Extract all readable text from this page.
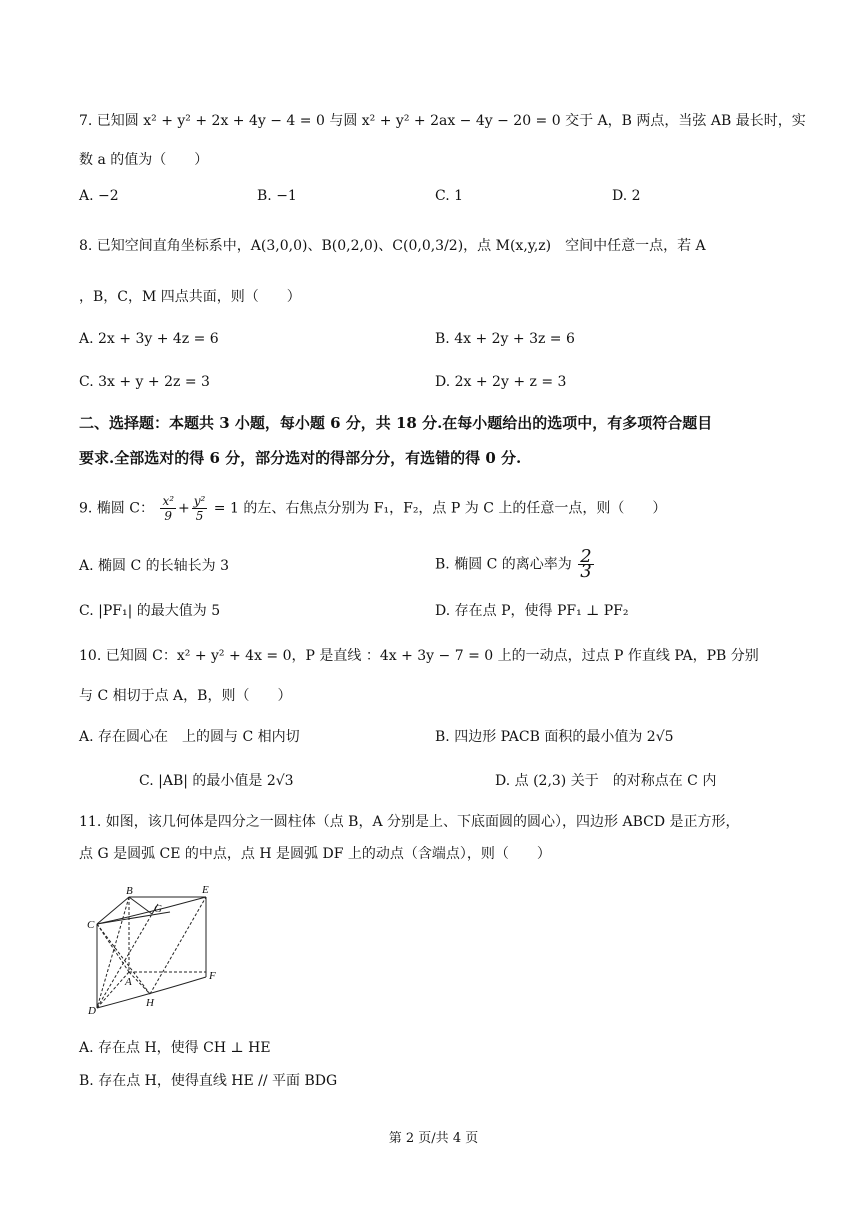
7. 已知圆 x² + y² + 2x + 4y − 4 = 0 与圆 x² + y² + 2ax − 4y − 20 = 0 交于 A，B 两点，当弦 AB 最长时，实
数 a 的值为（　　）
A. −2	B. −1	C. 1	D. 2
8. 已知空间直角坐标系中，A(3,0,0)、B(0,2,0)、C(0,0,3/2)，点 M(x,y,z)　空间中任意一点，若 A
，B，C，M 四点共面，则（　　）
A. 2x + 3y + 4z = 6	B. 4x + 2y + 3z = 6
C. 3x + y + 2z = 3	D. 2x + 2y + z = 3
二、选择题：本题共 3 小题，每小题 6 分，共 18 分.在每小题给出的选项中，有多项符合题目
要求.全部选对的得 6 分，部分选对的得部分分，有选错的得 0 分.
9. 椭圆 C： $\frac{\text{x²}}{9} + \frac{\text{y²}}{5} = 1$ 的左、右焦点分别为 F₁，F₂，点 P 为 C 上的任意一点，则（　　）
A. 椭圆 C 的长轴长为 3	B. 椭圆 C 的离心率为 $\frac{2}{3}$
C. |PF₁| 的最大值为 5	D. 存在点 P，使得 PF₁ ⊥ PF₂
10. 已知圆 C：x² + y² + 4x = 0，P 是直线 ：4x + 3y − 7 = 0 上的一动点，过点 P 作直线 PA，PB 分别
与 C 相切于点 A，B，则（　　）
A. 存在圆心在　上的圆与 C 相内切	B. 四边形 PACB 面积的最小值为 2√5
C. |AB| 的最小值是 2√3	D. 点 (2,3) 关于　的对称点在 C 内
11. 如图，该几何体是四分之一圆柱体（点 B，A 分别是上、下底面圆的圆心），四边形 ABCD 是正方形，
点 G 是圆弧 CE 的中点，点 H 是圆弧 DF 上的动点（含端点），则（　　）
B
G
E
C
A	F
D
H
A. 存在点 H，使得 CH ⊥ HE
B. 存在点 H，使得直线 HE // 平面 BDG
第 2 页/共 4 页
